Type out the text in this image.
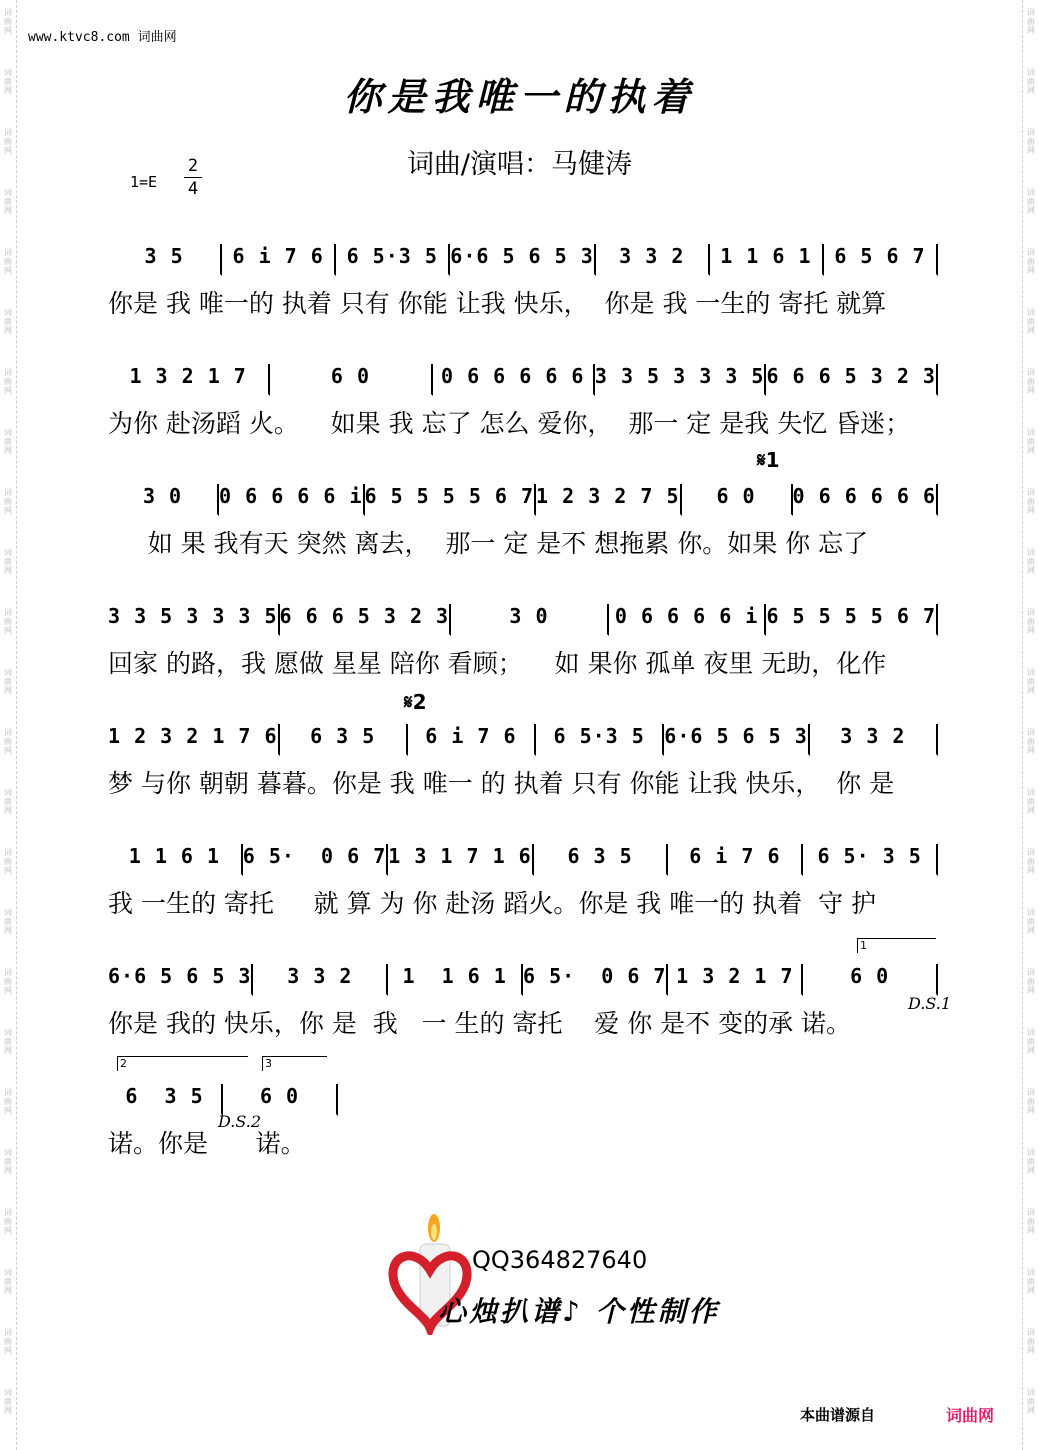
词
曲
网
词
曲
网
词
曲
网
词
曲
网
词
曲
网
词
曲
网
词
曲
网
词
曲
网
词
曲
网
词
曲
网
词
曲
网
词
曲
网
词
曲
网
词
曲
网
词
曲
网
词
曲
网
词
曲
网
词
曲
网
词
曲
网
词
曲
网
词
曲
网
词
曲
网
词
曲
网
词
曲
网
词
曲
网
词
曲
网
词
曲
网
词
曲
网
词
曲
网
词
曲
网
词
曲
网
词
曲
网
词
曲
网
词
曲
网
词
曲
网
词
曲
网
词
曲
网
词
曲
网
词
曲
网
词
曲
网
词
曲
网
词
曲
网
词
曲
网
词
曲
网
词
曲
网
词
曲
网
词
曲
网
词
曲
网
www.ktvc8.com 词曲网
你是我唯一的执着
词曲/演唱：马健涛
1=E
2
4
3 5	6 i 7 6	6 5·3 5 6·6 5 6 5 3	3 3 2	1 1 6 1	6 5 6 7
你是 我 唯一的 执着 只有 你能 让我 快乐，  你是 我 一生的 寄托 就算
1 3 2 1 7	6 0	0 6 6 6 6 6 3 3 5 3 3 3 5 6 6 6 5 3 2 3
为你 赴汤蹈 火。    如果 我 忘了 怎么 爱你，  那一 定 是我 失忆 昏迷；
3 0	0 6 6 6 6 i 6 5 5 5 5 6 7 1 2 3 2 7 5	6 0	0 6 6 6 6 6
如 果 我有天 突然 离去，  那一 定 是不 想拖累 你。如果 你 忘了
3 3 5 3 3 3 5 6 6 6 5 3 2 3	3 0	0 6 6 6 6 i 6 5 5 5 5 6 7
回家 的路，我 愿做 星星 陪你 看顾；    如 果你 孤单 夜里 无助，化作
1 2 3 2 1 7 6	6 3 5	6 i 7 6	6 5·3 5 6·6 5 6 5 3	3 3 2
梦 与你 朝朝 暮暮。你是 我 唯一 的 执着 只有 你能 让我 快乐，  你 是
1 1 6 1	6 5·  0 6 7 1 3 1 7 1 6	6 3 5	6 i 7 6	6 5· 3 5
我 一生的 寄托     就 算 为 你 赴汤 蹈火。你是 我 唯一的 执着  守 护
6·6 5 6 5 3	3 3 2	1  1 6 1 6 5·  0 6 7 1 3 2 1 7	6 0
你是 我的 快乐，你 是  我   一 生的 寄托    爱 你 是不 变的承 诺。
6  3 5	6 0
诺。你是      诺。
𝄋1
𝄋2
1
D.S.1
2
D.S.2
3
QQ364827640
心烛扒谱♪ 个性制作
本曲谱源自	词曲网
